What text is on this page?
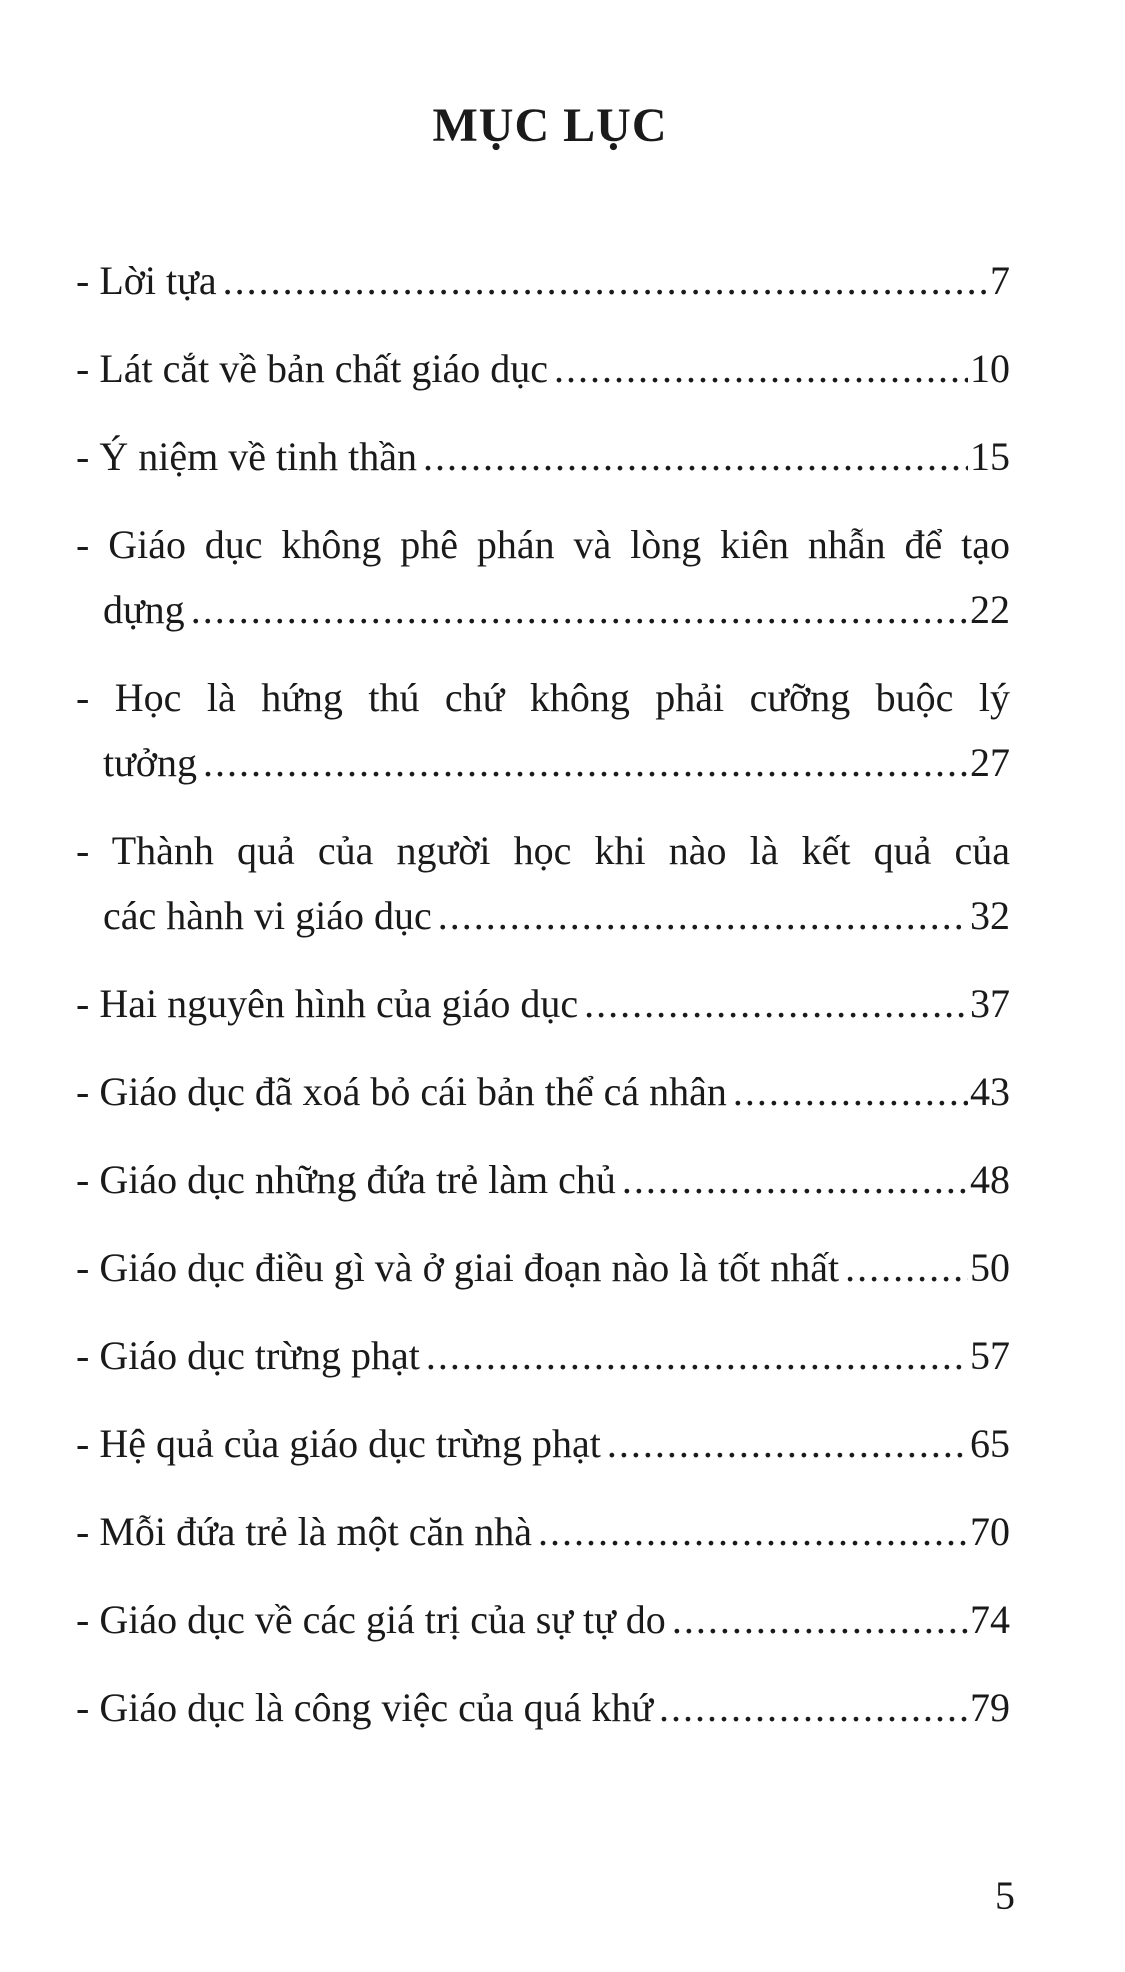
MỤC LỤC
- Lời tựa .....	7
- Lát cắt về bản chất giáo dục .....	10
- Ý niệm về tinh thần .....	15
- Giáo dục không phê phán và lòng kiên nhẫn để tạo
dựng .....	22
- Học là hứng thú chứ không phải cưỡng buộc lý
tưởng .....	27
- Thành quả của người học khi nào là kết quả của
các hành vi giáo dục .....	32
- Hai nguyên hình của giáo dục .....	37
- Giáo dục đã xoá bỏ cái bản thể cá nhân .....	43
- Giáo dục những đứa trẻ làm chủ .....	48
- Giáo dục điều gì và ở giai đoạn nào là tốt nhất .....	50
- Giáo dục trừng phạt .....	57
- Hệ quả của giáo dục trừng phạt .....	65
- Mỗi đứa trẻ là một căn nhà .....	70
- Giáo dục về các giá trị của sự tự do .....	74
- Giáo dục là công việc của quá khứ .....	79
5
